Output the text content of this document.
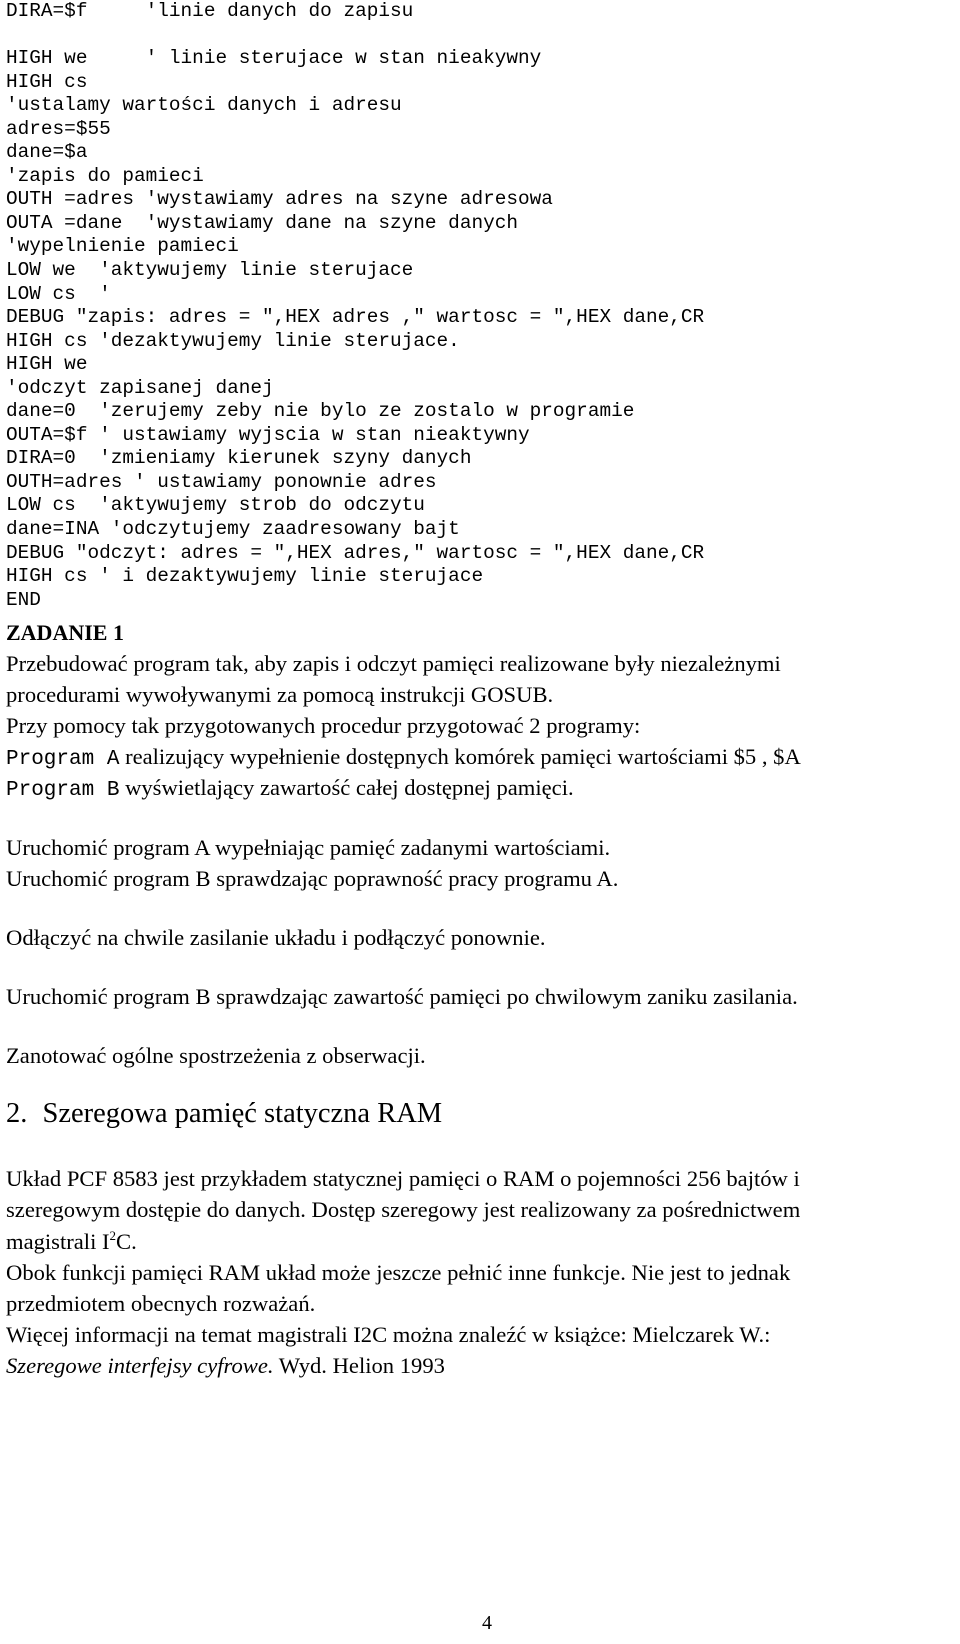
DIRA=$f     'linie danych do zapisu
HIGH we     ' linie sterujace w stan nieakywny
HIGH cs
'ustalamy wartości danych i adresu
adres=$55
dane=$a
'zapis do pamieci
OUTH =adres 'wystawiamy adres na szyne adresowa
OUTA =dane  'wystawiamy dane na szyne danych
'wypelnienie pamieci
LOW we  'aktywujemy linie sterujace
LOW cs  '
DEBUG "zapis: adres = ",HEX adres ," wartosc = ",HEX dane,CR
HIGH cs 'dezaktywujemy linie sterujace.
HIGH we
'odczyt zapisanej danej
dane=0  'zerujemy zeby nie bylo ze zostalo w programie
OUTA=$f ' ustawiamy wyjscia w stan nieaktywny
DIRA=0  'zmieniamy kierunek szyny danych
OUTH=adres ' ustawiamy ponownie adres
LOW cs  'aktywujemy strob do odczytu
dane=INA 'odczytujemy zaadresowany bajt
DEBUG "odczyt: adres = ",HEX adres," wartosc = ",HEX dane,CR
HIGH cs ' i dezaktywujemy linie sterujace
END
ZADANIE 1
Przebudować program tak, aby zapis i odczyt pamięci realizowane były niezależnymi
procedurami wywoływanymi za pomocą instrukcji GOSUB.
Przy pomocy tak przygotowanych procedur przygotować 2 programy:
Program A realizujący wypełnienie dostępnych komórek pamięci wartościami $5 , $A
Program B wyświetlający zawartość całej dostępnej pamięci.
Uruchomić program A wypełniając pamięć zadanymi wartościami.
Uruchomić program B sprawdzając poprawność pracy programu A.
Odłączyć na chwile zasilanie układu i podłączyć ponownie.
Uruchomić program B sprawdzając zawartość pamięci po chwilowym zaniku zasilania.
Zanotować ogólne spostrzeżenia z obserwacji.
2. Szeregowa pamięć statyczna RAM
Układ PCF 8583 jest przykładem statycznej pamięci o RAM o pojemności 256 bajtów i
szeregowym dostępie do danych. Dostęp szeregowy jest realizowany za pośrednictwem
magistrali $I^2C$.
Obok funkcji pamięci RAM układ może jeszcze pełnić inne funkcje. Nie jest to jednak
przedmiotem obecnych rozważań.
Więcej informacji na temat magistrali I2C można znaleźć w książce: Mielczarek W.:
Szeregowe interfejsy cyfrowe. Wyd. Helion 1993
4
